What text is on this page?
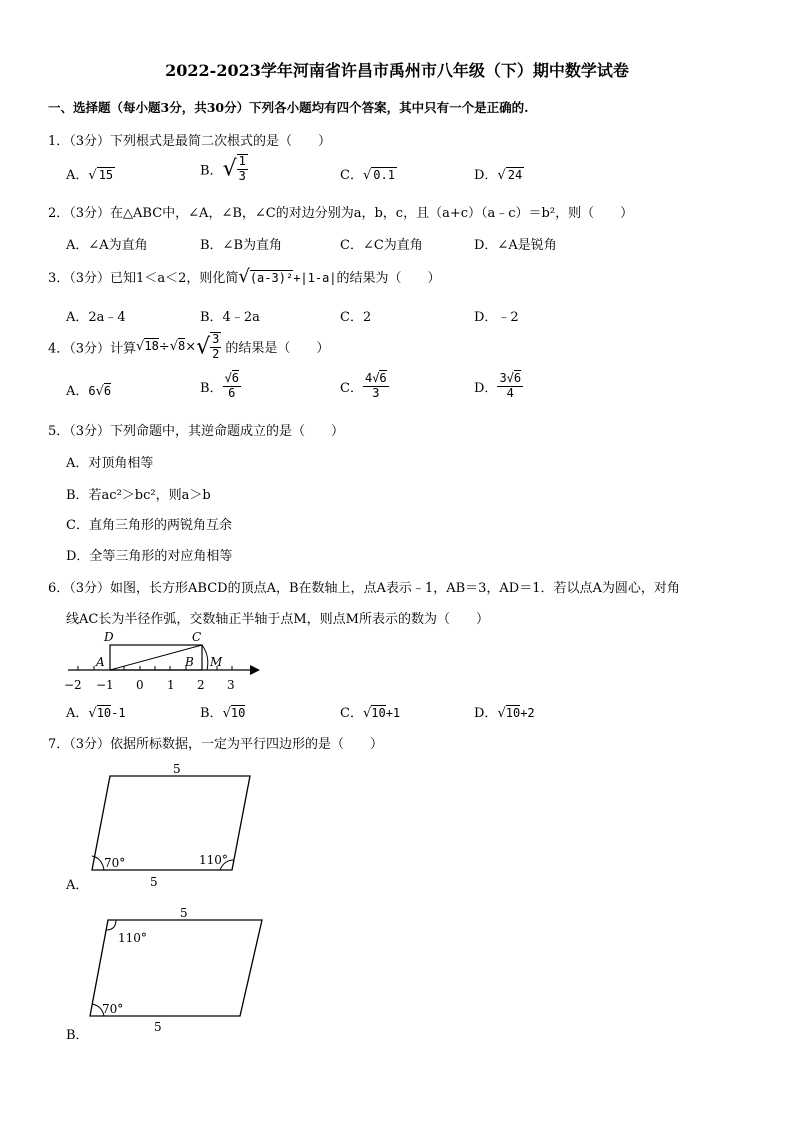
2022-2023学年河南省许昌市禹州市八年级（下）期中数学试卷
一、选择题（每小题3分，共30分）下列各小题均有四个答案，其中只有一个是正确的.
1．（3分）下列根式是最简二次根式的是（　　）
A．√ 15	B．√ $\frac{1}{3}$	C．√ 0.1	D．√ 24
2．（3分）在△ABC中，∠A，∠B，∠C的对边分别为a，b，c，且（a+c）（a﹣c）＝b²，则（　　）
A．∠A为直角	B．∠B为直角	C．∠C为直角	D．∠A是锐角
3．（3分）已知1＜a＜2，则化简√(a-3)²+|1-a|的结果为（　　）
A．2a﹣4	B．4﹣2a	C．2	D．﹣2
4．（3分）计算$√18\div√8\times√ \frac{3}{2}$ 的结果是（　　）
A．6√6	B． $\frac{√6}{6}$	C． $\frac{4√6}{3}$	D． $\frac{3√6}{4}$
5．（3分）下列命题中，其逆命题成立的是（　　）
A．对顶角相等
B．若ac²＞bc²，则a＞b
C．直角三角形的两锐角互余
D．全等三角形的对应角相等
6．（3分）如图，长方形ABCD的顶点A，B在数轴上，点A表示﹣1，AB＝3，AD＝1．若以点A为圆心，对角
线AC长为半径作弧，交数轴正半轴于点M，则点M所表示的数为（　　）
D	C
A	B M
−2 −1 0 1 2 3
A．√10-1	B．√10	C．√10+1	D．√10+2
7．（3分）依据所标数据，一定为平行四边形的是（　　）
5
5
70°	110°
A．
5
5
110°
70°
B．
